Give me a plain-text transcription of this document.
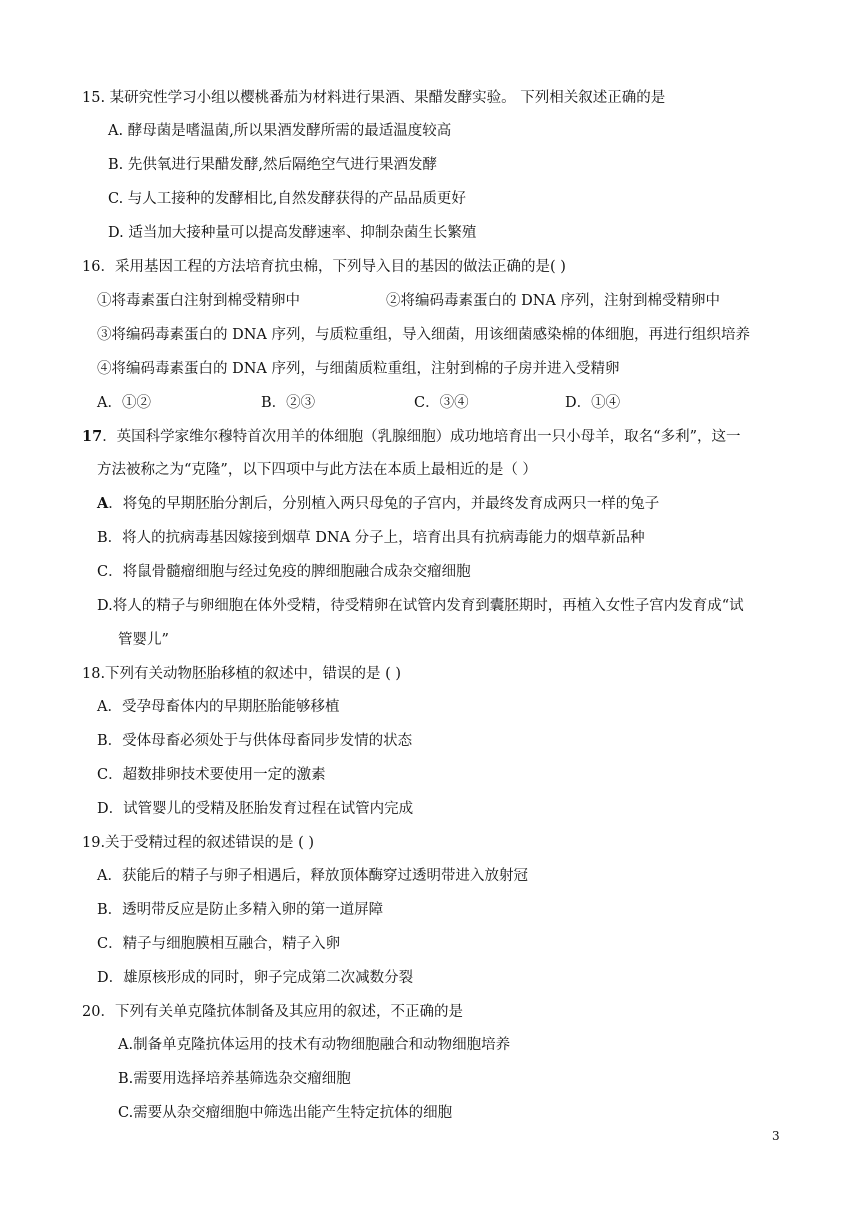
15. 某研究性学习小组以樱桃番茄为材料进行果酒、果醋发酵实验。 下列相关叙述正确的是
A. 酵母菌是嗜温菌,所以果酒发酵所需的最适温度较高
B. 先供氧进行果醋发酵,然后隔绝空气进行果酒发酵
C. 与人工接种的发酵相比,自然发酵获得的产品品质更好
D. 适当加大接种量可以提高发酵速率、抑制杂菌生长繁殖
16．采用基因工程的方法培育抗虫棉，下列导入目的基因的做法正确的是( )
①将毒素蛋白注射到棉受精卵中	②将编码毒素蛋白的 DNA 序列，注射到棉受精卵中
③将编码毒素蛋白的 DNA 序列，与质粒重组，导入细菌，用该细菌感染棉的体细胞，再进行组织培养
④将编码毒素蛋白的 DNA 序列，与细菌质粒重组，注射到棉的子房并进入受精卵
A．①②	B．②③	C．③④	D．①④
17．英国科学家维尔穆特首次用羊的体细胞（乳腺细胞）成功地培育出一只小母羊，取名“多利”，这一
方法被称之为“克隆”，以下四项中与此方法在本质上最相近的是（ ）
A．将兔的早期胚胎分割后，分别植入两只母兔的子宫内，并最终发育成两只一样的兔子
B．将人的抗病毒基因嫁接到烟草 DNA 分子上，培育出具有抗病毒能力的烟草新品种
C．将鼠骨髓瘤细胞与经过免疫的脾细胞融合成杂交瘤细胞
D.将人的精子与卵细胞在体外受精，待受精卵在试管内发育到囊胚期时，再植入女性子宫内发育成“试
管婴儿”
18.下列有关动物胚胎移植的叙述中，错误的是 ( )
A．受孕母畜体内的早期胚胎能够移植
B．受体母畜必须处于与供体母畜同步发情的状态
C．超数排卵技术要使用一定的激素
D．试管婴儿的受精及胚胎发育过程在试管内完成
19.关于受精过程的叙述错误的是 ( )
A．获能后的精子与卵子相遇后，释放顶体酶穿过透明带进入放射冠
B．透明带反应是防止多精入卵的第一道屏障
C．精子与细胞膜相互融合，精子入卵
D．雄原核形成的同时，卵子完成第二次减数分裂
20．下列有关单克隆抗体制备及其应用的叙述，不正确的是
A.制备单克隆抗体运用的技术有动物细胞融合和动物细胞培养
B.需要用选择培养基筛选杂交瘤细胞
C.需要从杂交瘤细胞中筛选出能产生特定抗体的细胞
3
